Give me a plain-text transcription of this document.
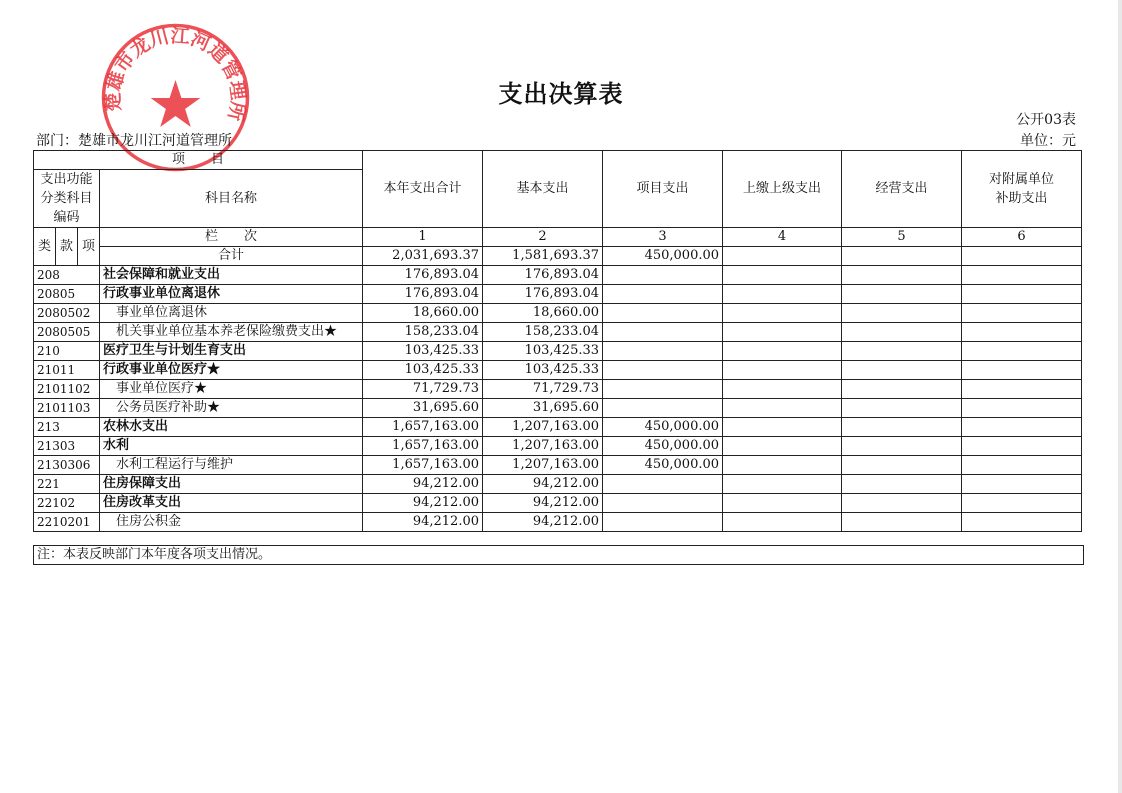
楚雄市龙川江河道管理所
支出决算表
公开03表
单位：元
部门：楚雄市龙川江河道管理所
项　　目				本年支出合计	基本支出	项目支出	上缴上级支出	经营支出	对附属单位补助支出
支出功能分类科目编码			科目名称						
类	款	项	栏　　次	1	2	3	4	5	6
			合计	2,031,693.37	1,581,693.37	450,000.00			
208			社会保障和就业支出	176,893.04	176,893.04				
20805			行政事业单位离退休	176,893.04	176,893.04				
2080502			事业单位离退休	18,660.00	18,660.00				
2080505			机关事业单位基本养老保险缴费支出★	158,233.04	158,233.04				
210			医疗卫生与计划生育支出	103,425.33	103,425.33				
21011			行政事业单位医疗★	103,425.33	103,425.33				
2101102			事业单位医疗★	71,729.73	71,729.73				
2101103			公务员医疗补助★	31,695.60	31,695.60				
213			农林水支出	1,657,163.00	1,207,163.00	450,000.00			
21303			水利	1,657,163.00	1,207,163.00	450,000.00			
2130306			水利工程运行与维护	1,657,163.00	1,207,163.00	450,000.00			
221			住房保障支出	94,212.00	94,212.00				
22102			住房改革支出	94,212.00	94,212.00				
2210201			住房公积金	94,212.00	94,212.00				
注：本表反映部门本年度各项支出情况。
